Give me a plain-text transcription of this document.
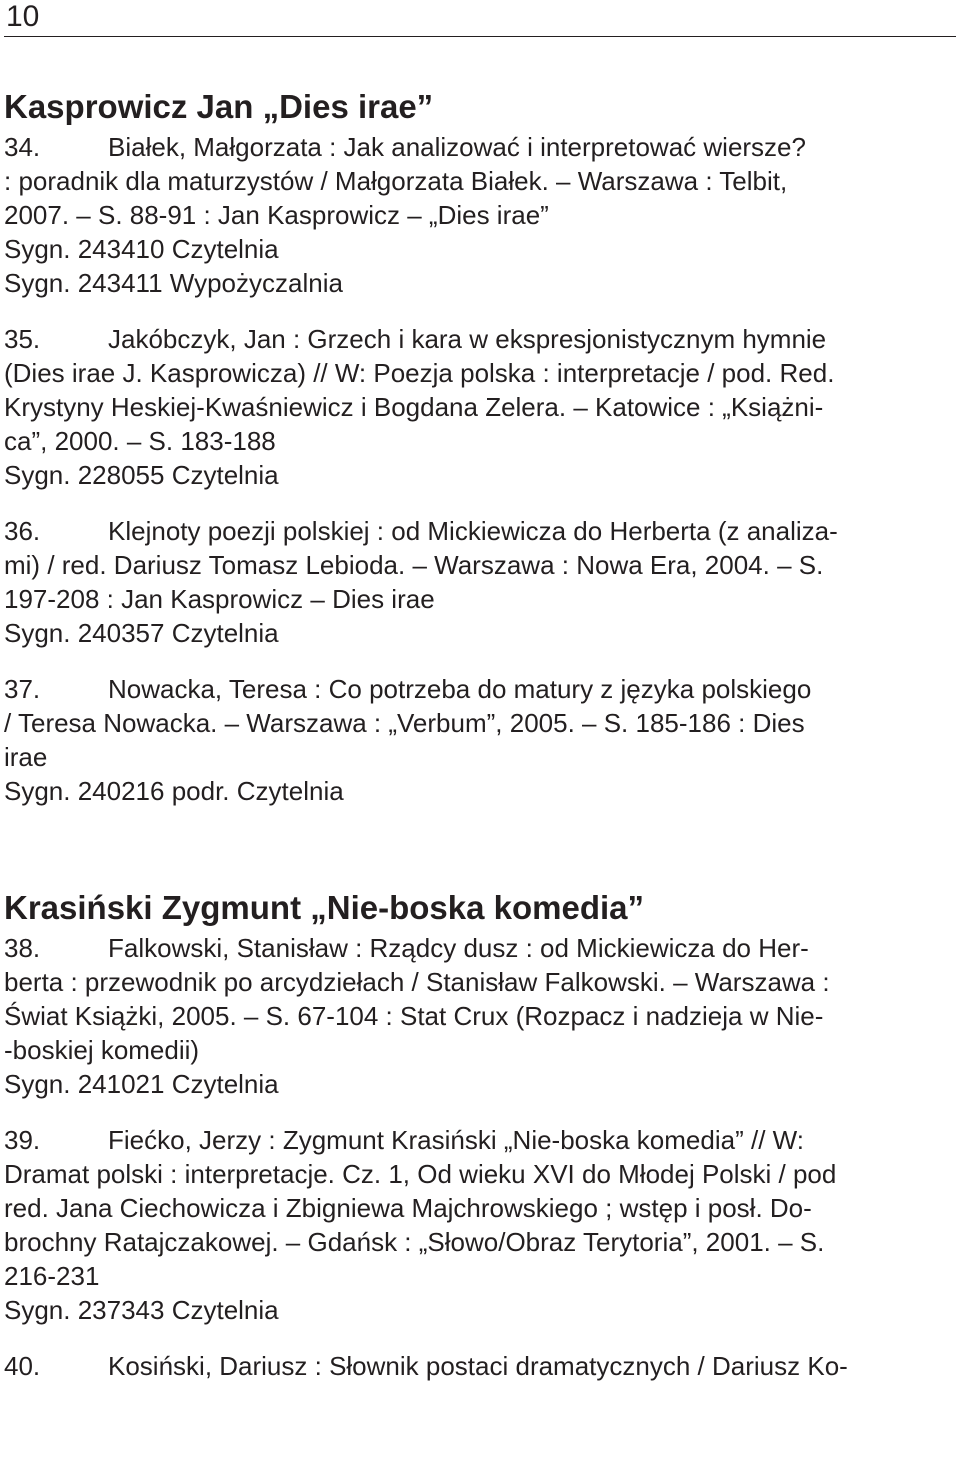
10
Kasprowicz Jan „Dies irae”
34.	Białek, Małgorzata : Jak analizować i interpretować wiersze?
: poradnik dla maturzystów / Małgorzata Białek. – Warszawa : Telbit,
2007. – S. 88-91 : Jan Kasprowicz – „Dies irae”
Sygn. 243410 Czytelnia
Sygn. 243411 Wypożyczalnia
35.	Jakóbczyk, Jan : Grzech i kara w ekspresjonistycznym hymnie
(Dies irae J. Kasprowicza) // W: Poezja polska : interpretacje / pod. Red.
Krystyny Heskiej-Kwaśniewicz i Bogdana Zelera. – Katowice : „Książni-
ca”, 2000. – S. 183-188
Sygn. 228055 Czytelnia
36.	Klejnoty poezji polskiej : od Mickiewicza do Herberta (z analiza-
mi) / red. Dariusz Tomasz Lebioda. – Warszawa : Nowa Era, 2004. – S.
197-208 : Jan Kasprowicz – Dies irae
Sygn. 240357 Czytelnia
37.	Nowacka, Teresa : Co potrzeba do matury z języka polskiego
/ Teresa Nowacka. – Warszawa : „Verbum”, 2005. – S. 185-186 : Dies
irae
Sygn. 240216 podr. Czytelnia
Krasiński Zygmunt „Nie-boska komedia”
38.	Falkowski, Stanisław : Rządcy dusz : od Mickiewicza do Her-
berta : przewodnik po arcydziełach / Stanisław Falkowski. – Warszawa :
Świat Książki, 2005. – S. 67-104 : Stat Crux (Rozpacz i nadzieja w Nie-
-boskiej komedii)
Sygn. 241021 Czytelnia
39.	Fiećko, Jerzy : Zygmunt Krasiński „Nie-boska komedia” // W:
Dramat polski : interpretacje. Cz. 1, Od wieku XVI do Młodej Polski / pod
red. Jana Ciechowicza i Zbigniewa Majchrowskiego ; wstęp i posł. Do-
brochny Ratajczakowej. – Gdańsk : „Słowo/Obraz Terytoria”, 2001. – S.
216-231
Sygn. 237343 Czytelnia
40.	Kosiński, Dariusz : Słownik postaci dramatycznych / Dariusz Ko-
